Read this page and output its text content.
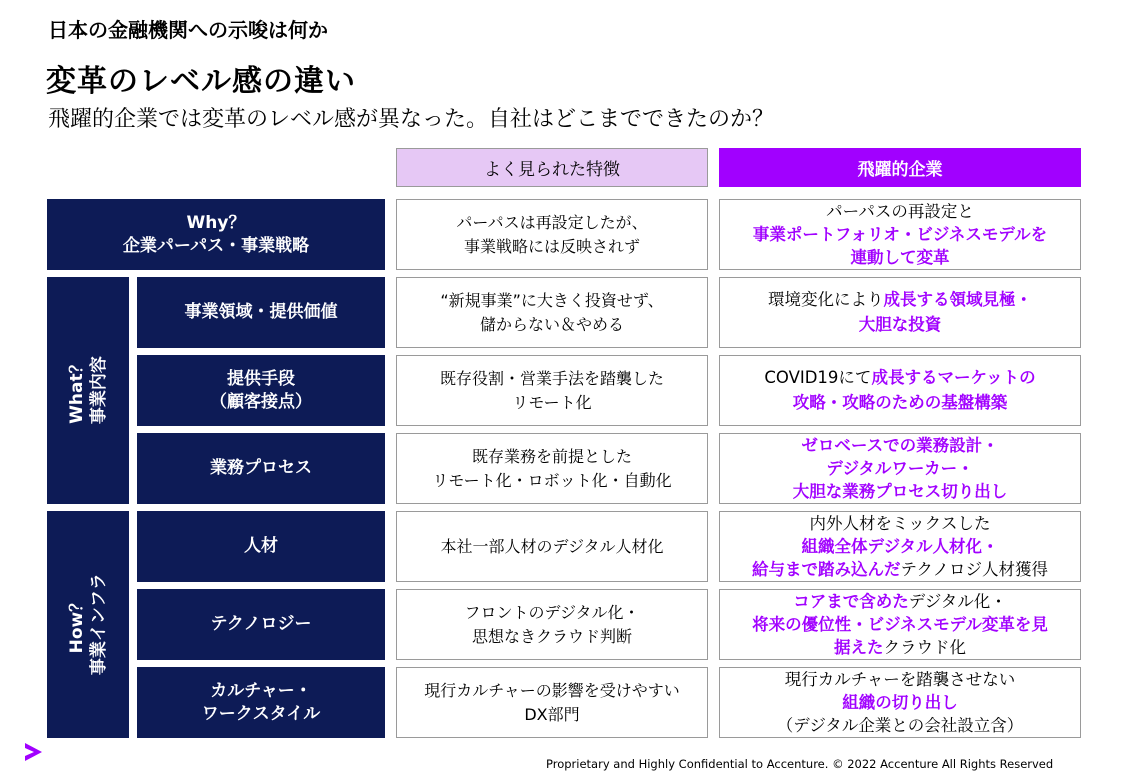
日本の金融機関への示唆は何か
変革のレベル感の違い
飛躍的企業では変革のレベル感が異なった。自社はどこまでできたのか？
よく見られた特徴	飛躍的企業
Why？
企業パーパス・事業戦略
What？ 事業内容
How？ 事業インフラ
事業領域・提供価値
提供手段
（顧客接点）
業務プロセス
人材
テクノロジー
カルチャー・
ワークスタイル
パーパスは再設定したが、
事業戦略には反映されず
“新規事業”に大きく投資せず、
儲からない＆やめる
既存役割・営業手法を踏襲した
リモート化
既存業務を前提とした
リモート化・ロボット化・自動化
本社一部人材のデジタル人材化
フロントのデジタル化・
思想なきクラウド判断
現行カルチャーの影響を受けやすい
DX部門
パーパスの再設定と
事業ポートフォリオ・ビジネスモデルを
連動して変革
環境変化により成長する領域見極・
大胆な投資
COVID19にて成長するマーケットの
攻略・攻略のための基盤構築
ゼロベースでの業務設計・
デジタルワーカー・
大胆な業務プロセス切り出し
内外人材をミックスした
組織全体デジタル人材化・
給与まで踏み込んだテクノロジ人材獲得
コアまで含めたデジタル化・
将来の優位性・ビジネスモデル変革を見
据えたクラウド化
現行カルチャーを踏襲させない
組織の切り出し
（デジタル企業との会社設立含）
Proprietary and Highly Confidential to Accenture. © 2022 Accenture All Rights Reserved
